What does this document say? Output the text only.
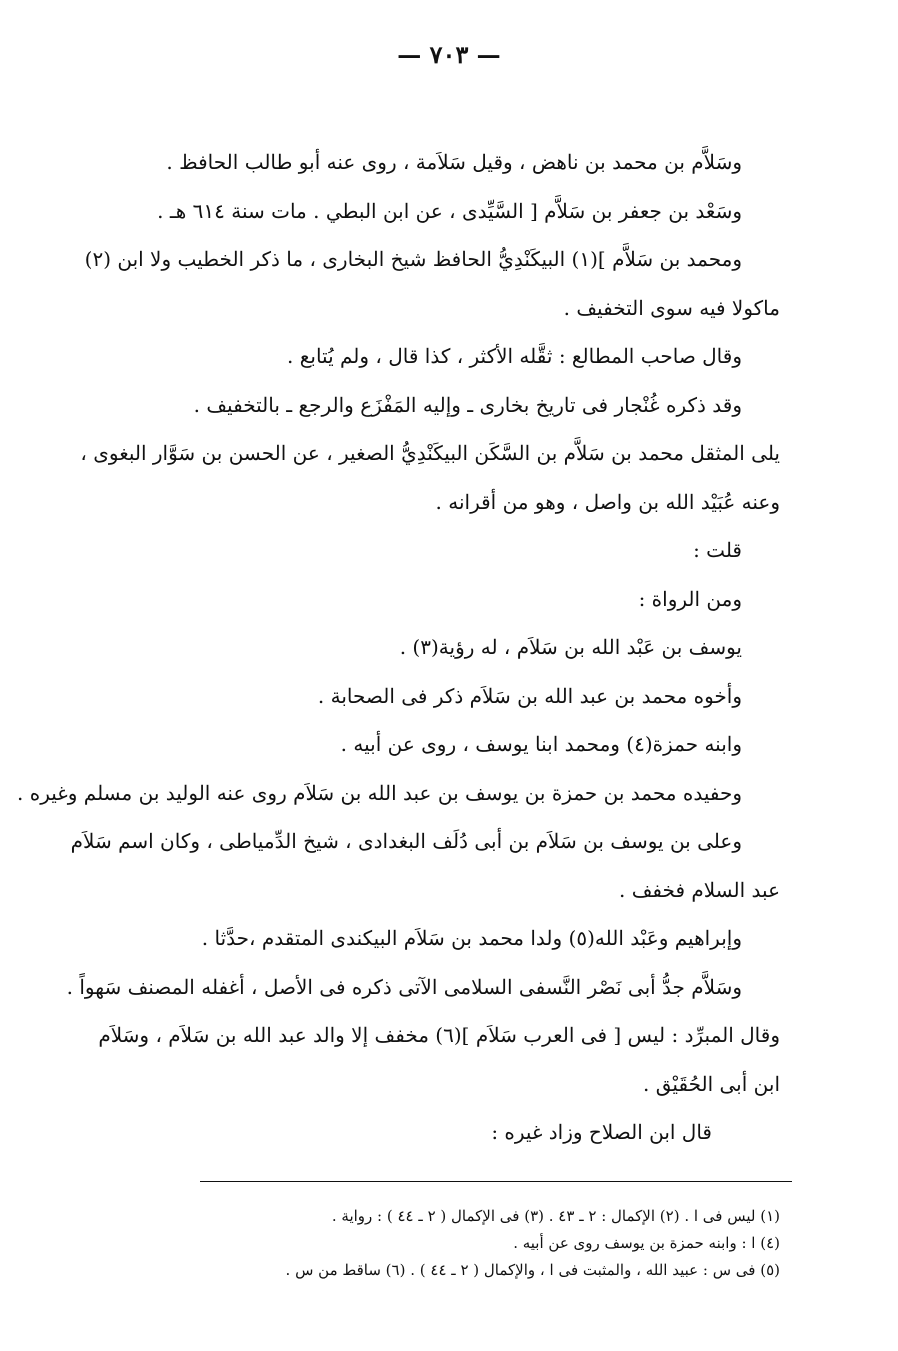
— ٧٠٣ —
وسَلاَّم بن محمد بن ناهض ، وقيل سَلاَمة ، روى عنه أبو طالب الحافظ .
وسَعْد بن جعفر بن سَلاَّم [ السَّيِّدى ، عن ابن البطي . مات سنة ٦١٤ هـ .
ومحمد بن سَلاَّم ](١) البيكَنْدِيُّ الحافظ شيخ البخارى ، ما ذكر الخطيب ولا ابن (٢)
ماكولا فيه سوى التخفيف .
وقال صاحب المطالع : ثقَّله الأكثر ، كذا قال ، ولم يُتابع .
وقد ذكره غُنْجار فى تاريخ بخارى ـ وإليه المَفْزَع والرجع ـ بالتخفيف .
يلى المثقل محمد بن سَلاَّم بن السَّكَن البيكَنْدِيُّ الصغير ، عن الحسن بن سَوَّار البغوى ،
وعنه عُبَيْد الله بن واصل ، وهو من أقرانه .
قلت :
ومن الرواة :
يوسف بن عَبْد الله بن سَلاَم ، له رؤية(٣) .
وأخوه محمد بن عبد الله بن سَلاَم ذكر فى الصحابة .
وابنه حمزة(٤) ومحمد ابنا يوسف ، روى عن أبيه .
وحفيده محمد بن حمزة بن يوسف بن عبد الله بن سَلاَم روى عنه الوليد بن مسلم وغيره .
وعلى بن يوسف بن سَلاَم بن أبى دُلَف البغدادى ، شيخ الدِّمياطى ، وكان اسم سَلاَم
عبد السلام فخفف .
وإبراهيم وعَبْد الله(٥) ولدا محمد بن سَلاَم البيكندى المتقدم ،حدَّثا .
وسَلاَّم جدُّ أبى نَصْر النَّسفى السلامى الآتى ذكره فى الأصل ، أغفله المصنف سَهواً .
وقال المبرِّد : ليس [ فى العرب سَلاَم ](٦) مخفف إلا والد عبد الله بن سَلاَم ، وسَلاَم
ابن أبى الحُقَيْق .
قال ابن الصلاح وزاد غيره :
(١) ليس فى ا . (٢) الإكمال : ٢ ـ ٤٣ . (٣) فى الإكمال ( ٢ ـ ٤٤ ) : رواية .
(٤) ا : وابنه حمزة بن يوسف روى عن أبيه .
(٥) فى س : عبيد الله ، والمثبت فى ا ، والإكمال ( ٢ ـ ٤٤ ) . (٦) ساقط من س .
